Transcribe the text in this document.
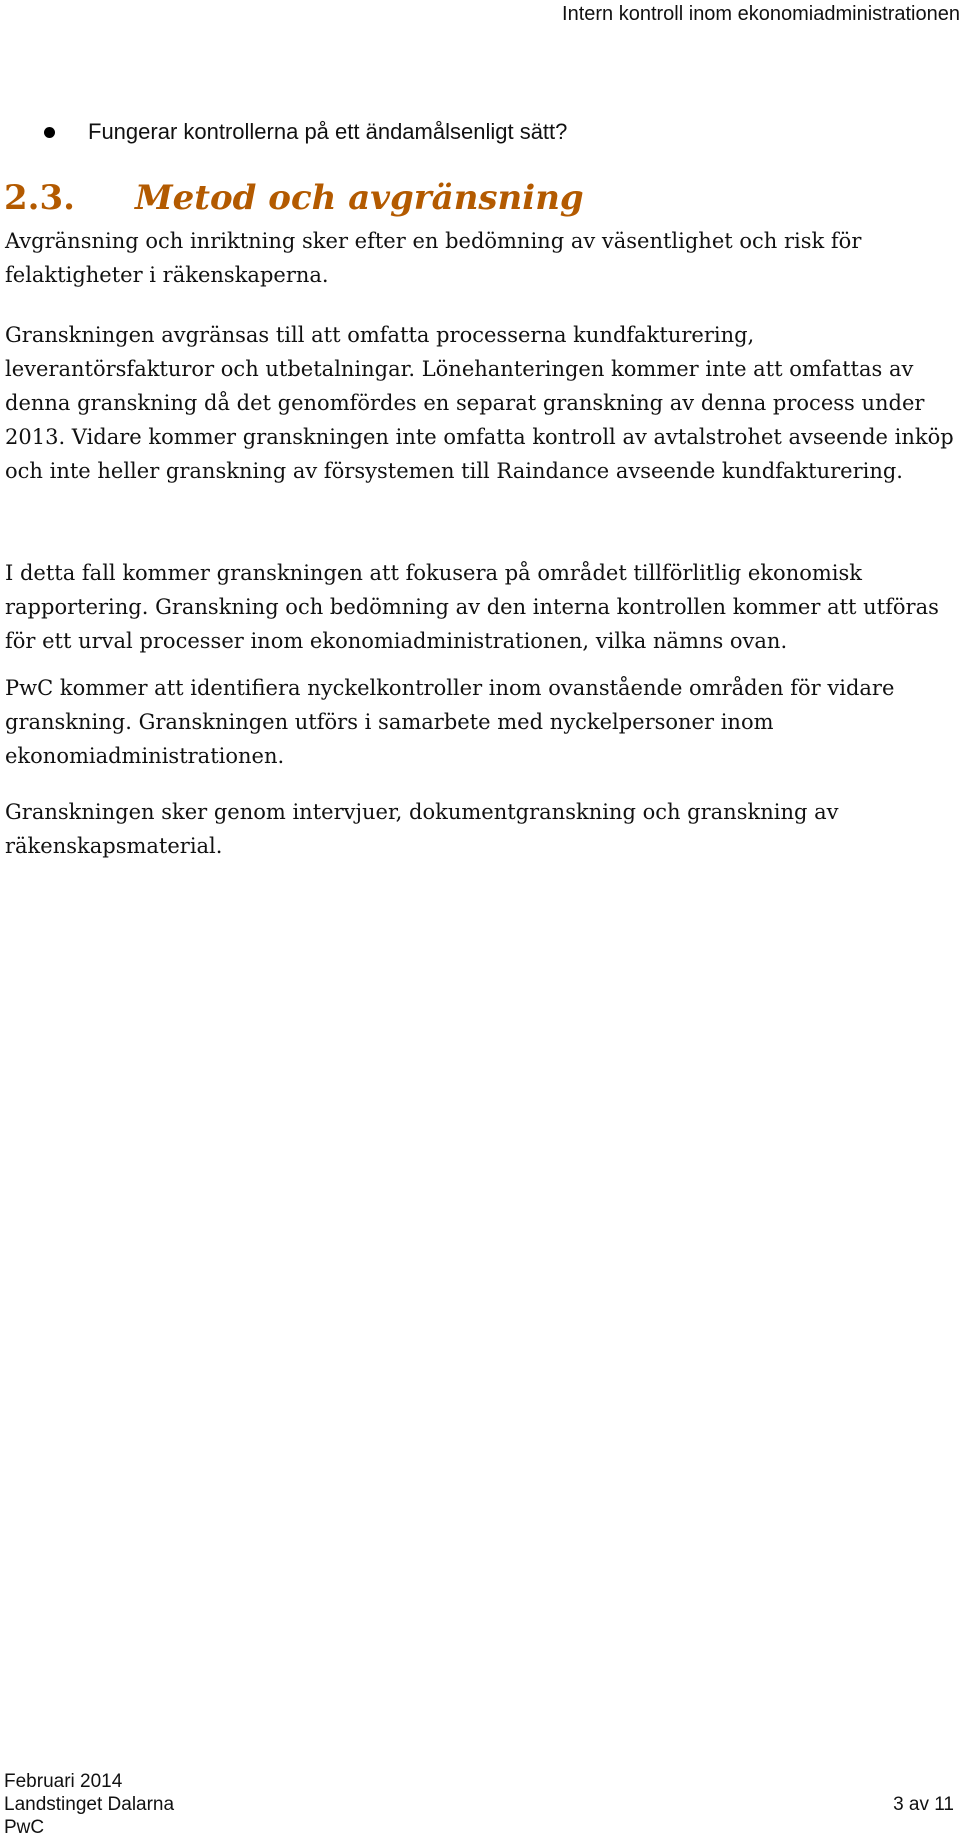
Intern kontroll inom ekonomiadministrationen
Fungerar kontrollerna på ett ändamålsenligt sätt?
2.3. Metod och avgränsning

Avgränsning och inriktning sker efter en bedömning av väsentlighet och risk för felaktigheter i räkenskaperna.

Granskningen avgränsas till att omfatta processerna kundfakturering, leverantörsfakturor och utbetalningar. Lönehanteringen kommer inte att omfattas av denna granskning då det genomfördes en separat granskning av denna process under 2013. Vidare kommer granskningen inte omfatta kontroll av avtalstrohet avseende inköp och inte heller granskning av försystemen till Raindance avseende kundfakturering.

I detta fall kommer granskningen att fokusera på området tillförlitlig ekonomisk rapportering. Granskning och bedömning av den interna kontrollen kommer att utföras för ett urval processer inom ekonomiadministrationen, vilka nämns ovan.

PwC kommer att identifiera nyckelkontroller inom ovanstående områden för vidare granskning. Granskningen utförs i samarbete med nyckelpersoner inom ekonomiadministrationen.

Granskningen sker genom intervjuer, dokumentgranskning och granskning av räkenskapsmaterial.

Februari 2014
Landstinget Dalarna	3 av 11
PwC
